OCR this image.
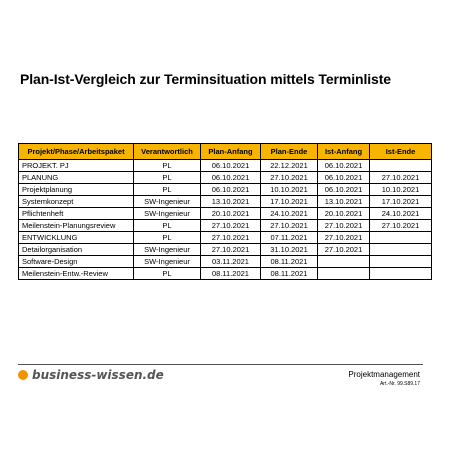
Plan-Ist-Vergleich zur Terminsituation mittels Terminliste
Projekt/Phase/Arbeitspaket	Verantwortlich	Plan-Anfang	Plan-Ende	Ist-Anfang	Ist-Ende
PROJEKT. PJ	PL	06.10.2021	22.12.2021	06.10.2021	
PLANUNG	PL	06.10.2021	27.10.2021	06.10.2021	27.10.2021
Projektplanung	PL	06.10.2021	10.10.2021	06.10.2021	10.10.2021
Systemkonzept	SW-Ingenieur	13.10.2021	17.10.2021	13.10.2021	17.10.2021
Pflichtenheft	SW-Ingenieur	20.10.2021	24.10.2021	20.10.2021	24.10.2021
Meilenstein-Planungsreview	PL	27.10.2021	27.10.2021	27.10.2021	27.10.2021
ENTWICKLUNG	PL	27.10.2021	07.11.2021	27.10.2021	
Detailorganisation	SW-Ingenieur	27.10.2021	31.10.2021	27.10.2021	
Software-Design	SW-Ingenieur	03.11.2021	08.11.2021		
Meilenstein-Entw.-Review	PL	08.11.2021	08.11.2021		
business-wissen.de	Projektmanagement
Art.-Nr. 99.S89.17
